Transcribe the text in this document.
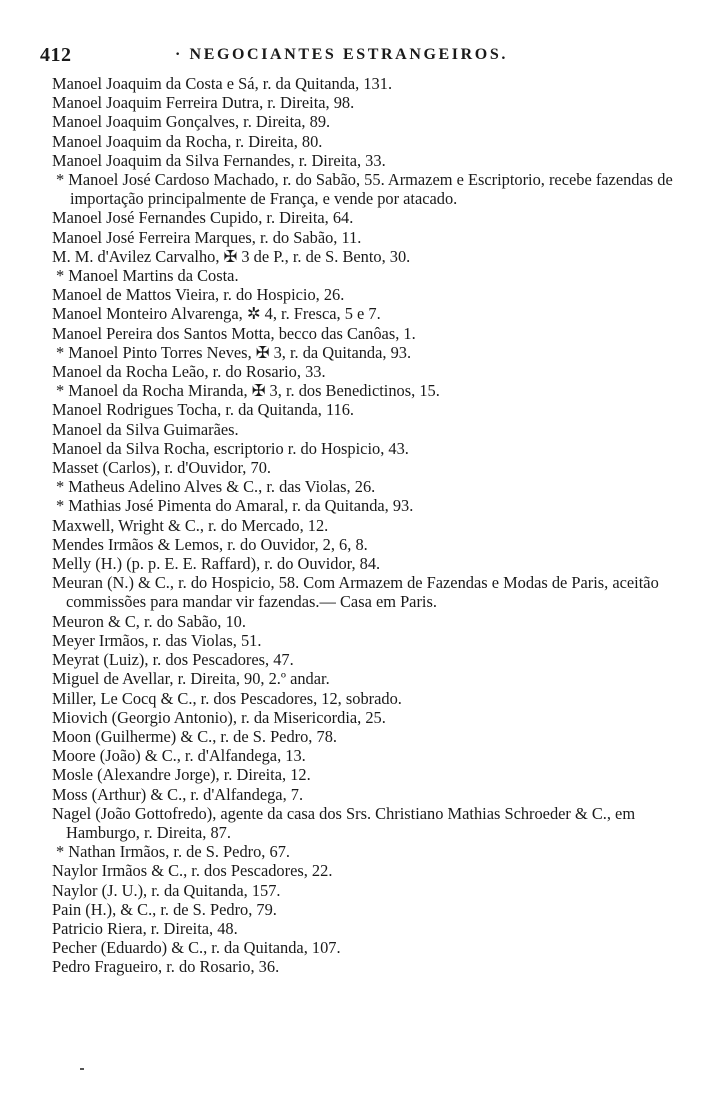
412	· NEGOCIANTES ESTRANGEIROS.
Manoel Joaquim da Costa e Sá, r. da Quitanda, 131.
Manoel Joaquim Ferreira Dutra, r. Direita, 98.
Manoel Joaquim Gonçalves, r. Direita, 89.
Manoel Joaquim da Rocha, r. Direita, 80.
Manoel Joaquim da Silva Fernandes, r. Direita, 33.
* Manoel José Cardoso Machado, r. do Sabão, 55. Armazem e Escriptorio, recebe fazendas de importação principalmente de França, e vende por atacado.
Manoel José Fernandes Cupido, r. Direita, 64.
Manoel José Ferreira Marques, r. do Sabão, 11.
M. M. d'Avilez Carvalho, ✠ 3 de P., r. de S. Bento, 30.
* Manoel Martins da Costa.
Manoel de Mattos Vieira, r. do Hospicio, 26.
Manoel Monteiro Alvarenga, ✲ 4, r. Fresca, 5 e 7.
Manoel Pereira dos Santos Motta, becco das Canôas, 1.
* Manoel Pinto Torres Neves, ✠ 3, r. da Quitanda, 93.
Manoel da Rocha Leão, r. do Rosario, 33.
* Manoel da Rocha Miranda, ✠ 3, r. dos Benedictinos, 15.
Manoel Rodrigues Tocha, r. da Quitanda, 116.
Manoel da Silva Guimarães.
Manoel da Silva Rocha, escriptorio r. do Hospicio, 43.
Masset (Carlos), r. d'Ouvidor, 70.
* Matheus Adelino Alves & C., r. das Violas, 26.
* Mathias José Pimenta do Amaral, r. da Quitanda, 93.
Maxwell, Wright & C., r. do Mercado, 12.
Mendes Irmãos & Lemos, r. do Ouvidor, 2, 6, 8.
Melly (H.) (p. p. E. E. Raffard), r. do Ouvidor, 84.
Meuran (N.) & C., r. do Hospicio, 58. Com Armazem de Fazendas e Modas de Paris, aceitão commissões para mandar vir fazendas.— Casa em Paris.
Meuron & C, r. do Sabão, 10.
Meyer Irmãos, r. das Violas, 51.
Meyrat (Luiz), r. dos Pescadores, 47.
Miguel de Avellar, r. Direita, 90, 2.º andar.
Miller, Le Cocq & C., r. dos Pescadores, 12, sobrado.
Miovich (Georgio Antonio), r. da Misericordia, 25.
Moon (Guilherme) & C., r. de S. Pedro, 78.
Moore (João) & C., r. d'Alfandega, 13.
Mosle (Alexandre Jorge), r. Direita, 12.
Moss (Arthur) & C., r. d'Alfandega, 7.
Nagel (João Gottofredo), agente da casa dos Srs. Christiano Mathias Schroeder & C., em Hamburgo, r. Direita, 87.
* Nathan Irmãos, r. de S. Pedro, 67.
Naylor Irmãos & C., r. dos Pescadores, 22.
Naylor (J. U.), r. da Quitanda, 157.
Pain (H.), & C., r. de S. Pedro, 79.
Patricio Riera, r. Direita, 48.
Pecher (Eduardo) & C., r. da Quitanda, 107.
Pedro Fragueiro, r. do Rosario, 36.
